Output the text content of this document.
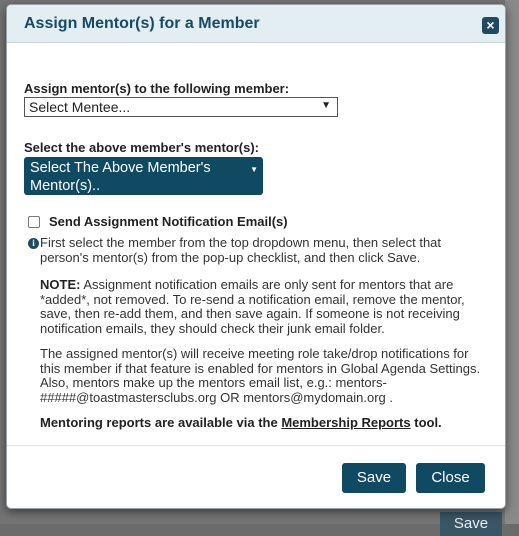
Save
Assign Mentor(s) for a Member	×
Assign mentor(s) to the following member:
Select Mentee...	▼
Select the above member's mentor(s):
Select The Above Member's Mentor(s)..
▼
Send Assignment Notification Email(s)
i First select the member from the top dropdown menu, then select that person's mentor(s) from the pop-up checklist, and then click Save.
NOTE: Assignment notification emails are only sent for mentors that are *added*, not removed. To re-send a notification email, remove the mentor, save, then re-add them, and then save again. If someone is not receiving notification emails, they should check their junk email folder.
The assigned mentor(s) will receive meeting role take/drop notifications for this member if that feature is enabled for mentors in Global Agenda Settings. Also, mentors make up the mentors email list, e.g.: mentors-#####@toastmastersclubs.org OR mentors@mydomain.org .
Mentoring reports are available via the Membership Reports tool.
Save	Close
